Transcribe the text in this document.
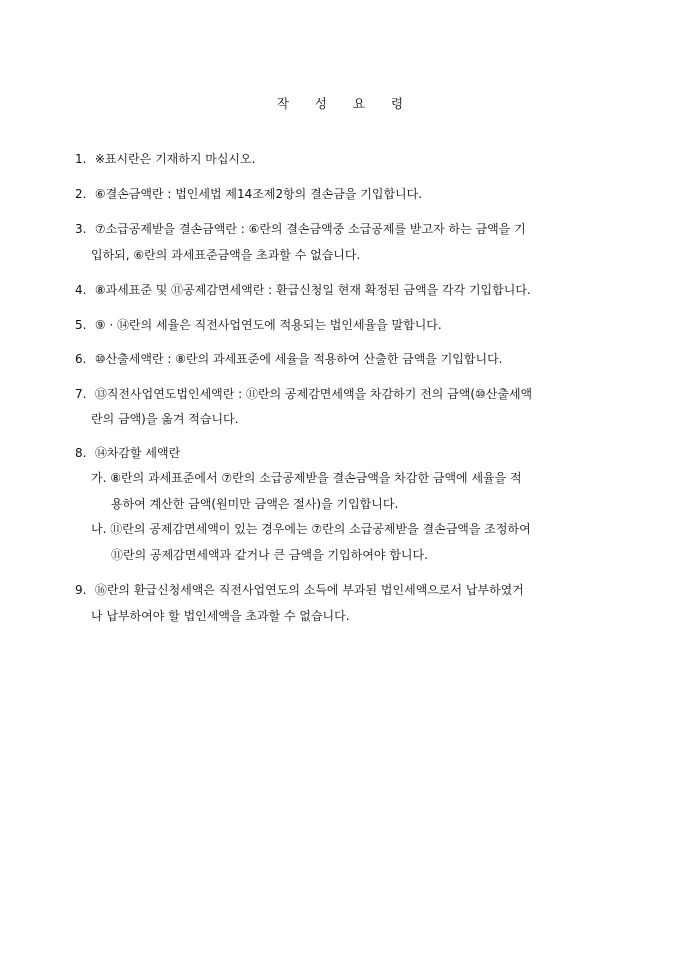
작 성 요 령
1. ※표시란은 기재하지 마십시오.
2. ⑥결손금액란 : 법인세법 제14조제2항의 결손금을 기입합니다.
3. ⑦소급공제받을 결손금액란 : ⑥란의 결손금액중 소급공제를 받고자 하는 금액을 기
입하되, ⑥란의 과세표준금액을 초과할 수 없습니다.
4. ⑧과세표준 및 ⑪공제감면세액란 : 환급신청일 현재 확정된 금액을 각각 기입합니다.
5. ⑨ · ⑭란의 세율은 직전사업연도에 적용되는 법인세율을 말합니다.
6. ⑩산출세액란 : ⑧란의 과세표준에 세율을 적용하여 산출한 금액을 기입합니다.
7. ⑬직전사업연도법인세액란 : ⑪란의 공제감면세액을 차감하기 전의 금액(⑩산출세액
란의 금액)을 옮겨 적습니다.
8. ⑭차감할 세액란
가. ⑧란의 과세표준에서 ⑦란의 소급공제받을 결손금액을 차감한 금액에 세율을 적
용하여 계산한 금액(원미만 금액은 절사)을 기입합니다.
나. ⑪란의 공제감면세액이 있는 경우에는 ⑦란의 소급공제받을 결손금액을 조정하여
⑪란의 공제감면세액과 같거나 큰 금액을 기입하여야 합니다.
9. ⑯란의 환급신청세액은 직전사업연도의 소득에 부과된 법인세액으로서 납부하였거
나 납부하여야 할 법인세액을 초과할 수 없습니다.
